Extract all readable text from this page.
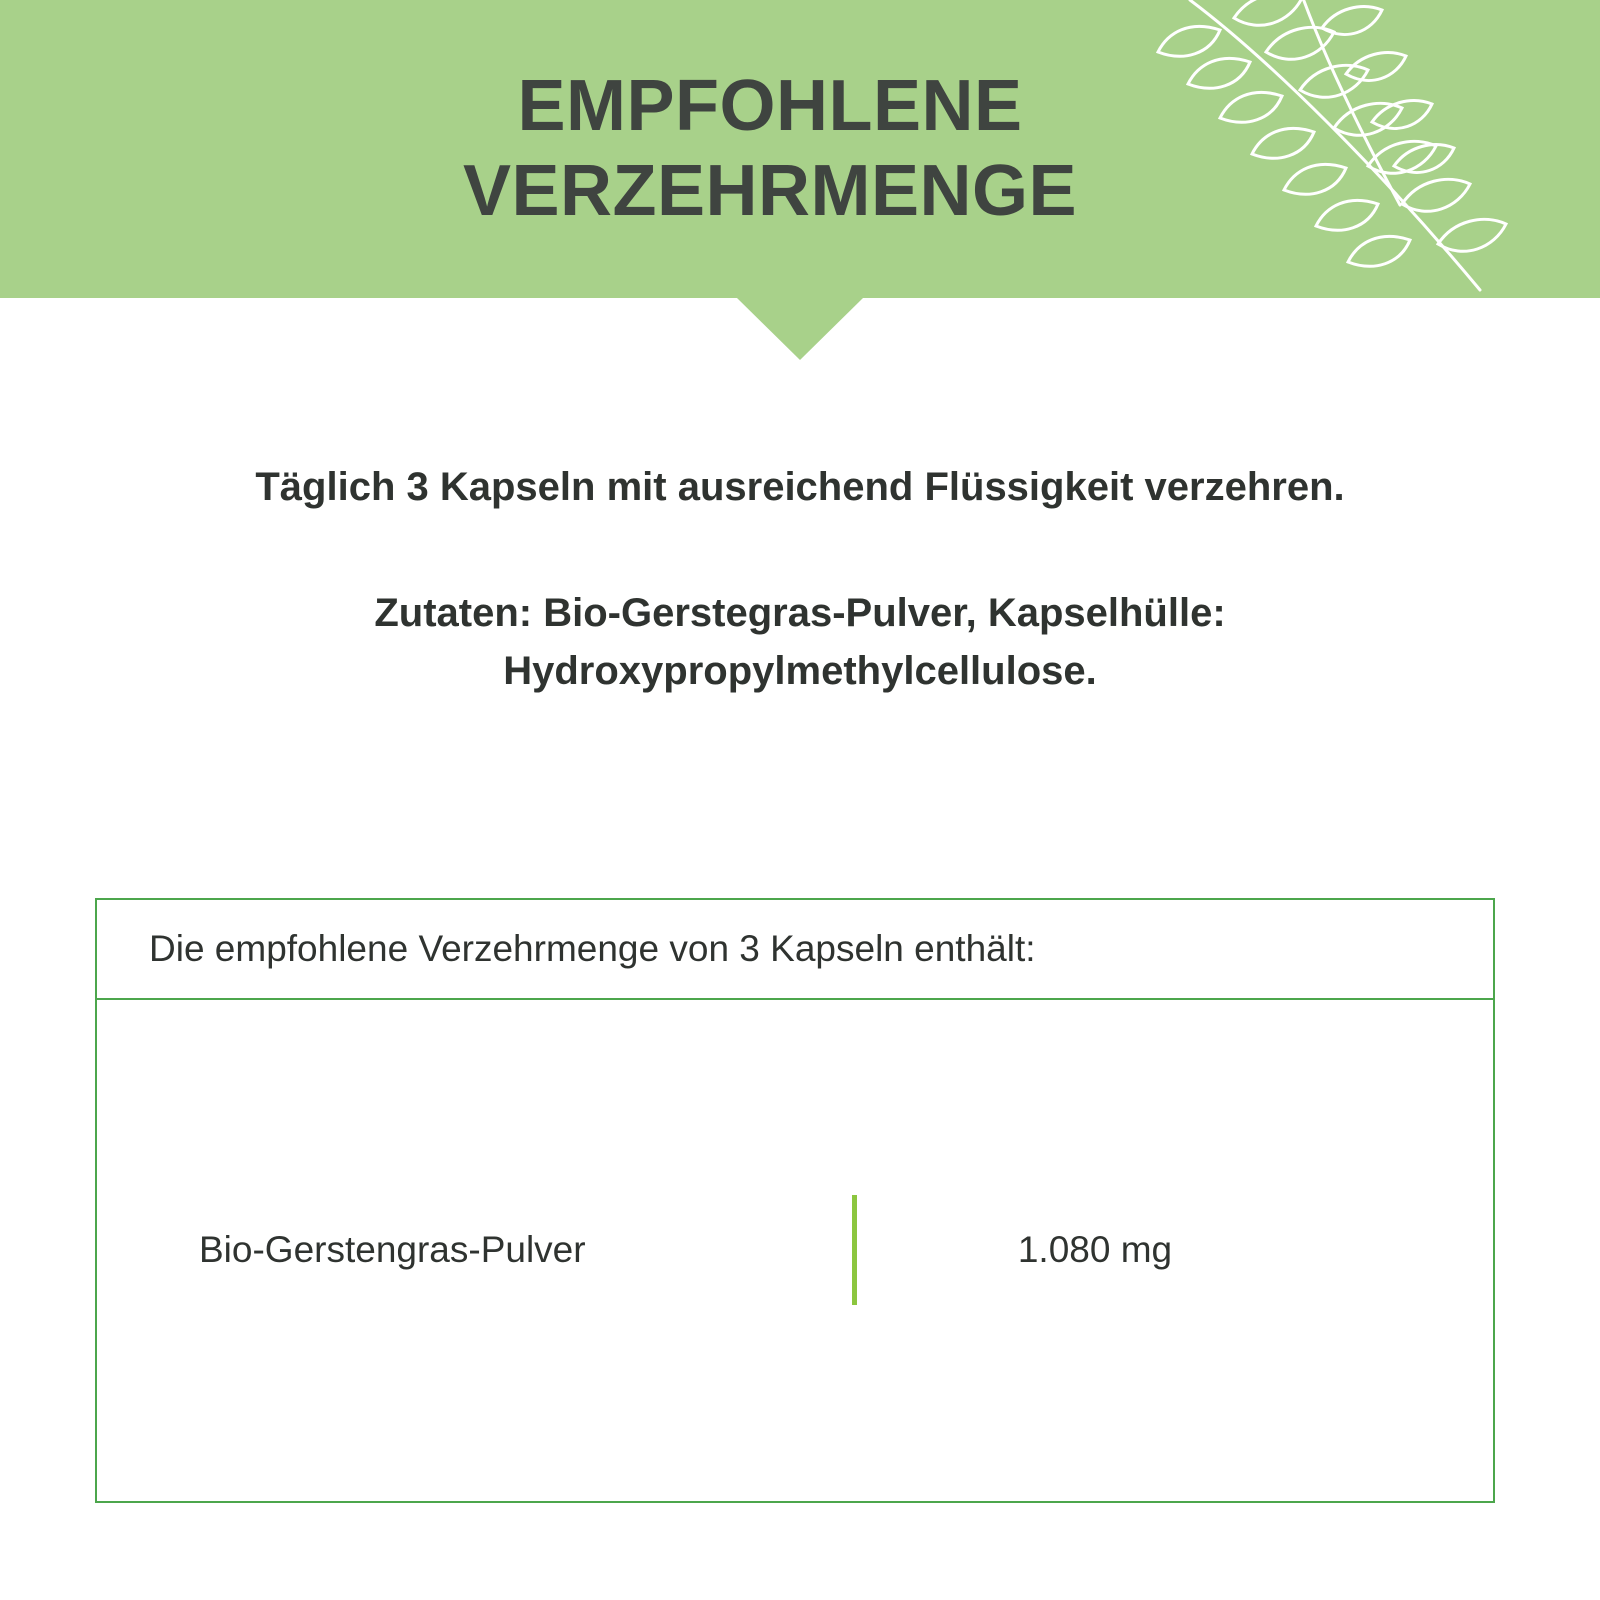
EMPFOHLENE
VERZEHRMENGE

Täglich 3 Kapseln mit ausreichend Flüssigkeit verzehren.

Zutaten: Bio-Gerstegras-Pulver, Kapselhülle: Hydroxypropylmethylcellulose.

Die empfohlene Verzehrmenge von 3 Kapseln enthält:
Bio-Gerstengras-Pulver	1.080 mg
